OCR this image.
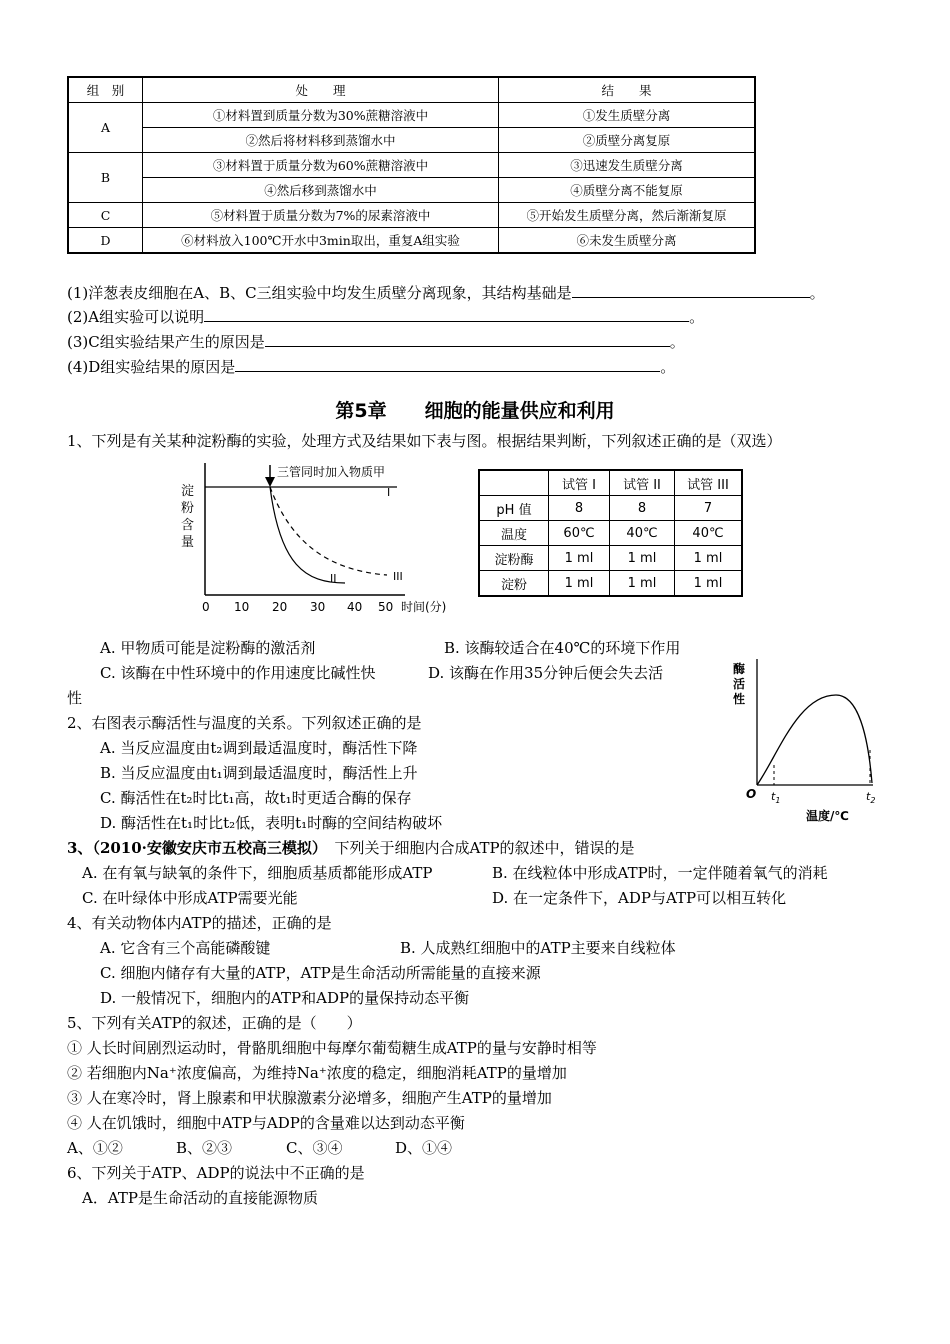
组　别	处　　理	结　　果
A	①材料置到质量分数为30%蔗糖溶液中	①发生质壁分离
	②然后将材料移到蒸馏水中	②质壁分离复原
B	③材料置于质量分数为60%蔗糖溶液中	③迅速发生质壁分离
	④然后移到蒸馏水中	④质壁分离不能复原
C	⑤材料置于质量分数为7%的尿素溶液中	⑤开始发生质壁分离，然后渐渐复原
D	⑥材料放入100℃开水中3min取出，重复A组实验	⑥未发生质壁分离
(1)洋葱表皮细胞在A、B、C三组实验中均发生质壁分离现象，其结构基础是	。
(2)A组实验可以说明	。
(3)C组实验结果产生的原因是	。
(4)D组实验结果的原因是	。
第5章　　细胞的能量供应和利用
1、下列是有关某种淀粉酶的实验，处理方式及结果如下表与图。根据结果判断，下列叙述正确的是（双选）
淀
粉
含
量
三管同时加入物质甲
I
II	III
0 10 20 30 40 50 时间(分)
	试管 I	试管 II	试管 III
pH 值	8	8	7
温度	60℃	40℃	40℃
淀粉酶	1 ml	1 ml	1 ml
淀粉	1 ml	1 ml	1 ml
A. 甲物质可能是淀粉酶的激活剂	B. 该酶较适合在40℃的环境下作用
C. 该酶在中性环境中的作用速度比碱性快	D. 该酶在作用35分钟后便会失去活
性
酶
活
性
O $t_1$	$t_2$
温度/℃
2、右图表示酶活性与温度的关系。下列叙述正确的是
A. 当反应温度由t₂调到最适温度时，酶活性下降
B. 当反应温度由t₁调到最适温度时，酶活性上升
C. 酶活性在t₂时比t₁高，故t₁时更适合酶的保存
D. 酶活性在t₁时比t₂低，表明t₁时酶的空间结构破坏
3、（2010·安徽安庆市五校高三模拟）　 下列关于细胞内合成ATP的叙述中，错误的是
A. 在有氧与缺氧的条件下，细胞质基质都能形成ATP	B. 在线粒体中形成ATP时，一定伴随着氧气的消耗
C. 在叶绿体中形成ATP需要光能	D. 在一定条件下，ADP与ATP可以相互转化
4、有关动物体内ATP的描述，正确的是
A. 它含有三个高能磷酸键	B. 人成熟红细胞中的ATP主要来自线粒体
C. 细胞内储存有大量的ATP，ATP是生命活动所需能量的直接来源
D. 一般情况下，细胞内的ATP和ADP的量保持动态平衡
5、下列有关ATP的叙述，正确的是（　　）
① 人长时间剧烈运动时，骨骼肌细胞中每摩尔葡萄糖生成ATP的量与安静时相等
② 若细胞内Na⁺浓度偏高，为维持Na⁺浓度的稳定，细胞消耗ATP的量增加
③ 人在寒冷时，肾上腺素和甲状腺激素分泌增多，细胞产生ATP的量增加
④ 人在饥饿时，细胞中ATP与ADP的含量难以达到动态平衡
A、①②	B、②③	C、③④	D、①④
6、下列关于ATP、ADP的说法中不正确的是
A．ATP是生命活动的直接能源物质
